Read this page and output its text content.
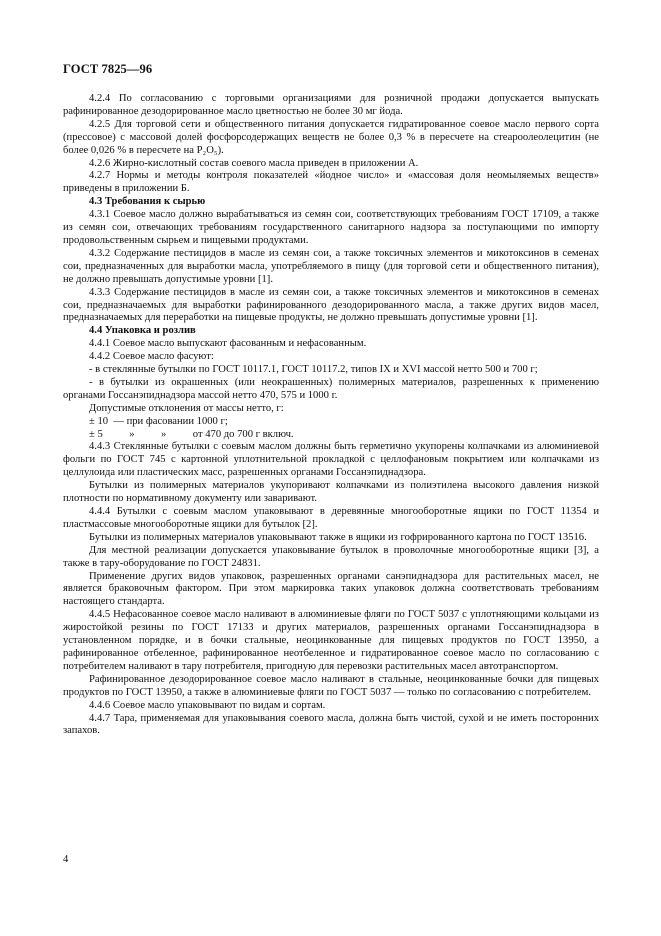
ГОСТ 7825—96

4.2.4 По согласованию с торговыми организациями для розничной продажи допускается выпускать рафинированное дезодорированное масло цветностью не более 30 мг йода.

4.2.5 Для торговой сети и общественного питания допускается гидратированное соевое масло первого сорта (прессовое) с массовой долей фосфорсодержащих веществ не более 0,3 % в пересчете на стеароолеолецитин (не более 0,026 % в пересчете на Р₂О₅).

4.2.6 Жирно-кислотный состав соевого масла приведен в приложении А.

4.2.7 Нормы и методы контроля показателей «йодное число» и «массовая доля неомыляемых веществ» приведены в приложении Б.

4.3 Требования к сырью

4.3.1 Соевое масло должно вырабатываться из семян сои, соответствующих требованиям ГОСТ 17109, а также из семян сои, отвечающих требованиям государственного санитарного надзора за поступающими по импорту продовольственным сырьем и пищевыми продуктами.

4.3.2 Содержание пестицидов в масле из семян сои, а также токсичных элементов и микотоксинов в семенах сои, предназначенных для выработки масла, употребляемого в пищу (для торговой сети и общественного питания), не должно превышать допустимые уровни [1].

4.3.3 Содержание пестицидов в масле из семян сои, а также токсичных элементов и микотоксинов в семенах сои, предназначаемых для выработки рафинированного дезодорированного масла, а также других видов масел, предназначаемых для переработки на пищевые продукты, не должно превышать допустимые уровни [1].

4.4 Упаковка и розлив

4.4.1 Соевое масло выпускают фасованным и нефасованным.

4.4.2 Соевое масло фасуют:

- в стеклянные бутылки по ГОСТ 10117.1, ГОСТ 10117.2, типов IX и XVI массой нетто 500 и 700 г;

- в бутылки из окрашенных (или неокрашенных) полимерных материалов, разрешенных к применению органами Госсанэпиднадзора массой нетто 470, 575 и 1000 г.

Допустимые отклонения от массы нетто, г:

± 10  — при фасовании 1000 г;

± 5          »          »          от 470 до 700 г включ.

4.4.3 Стеклянные бутылки с соевым маслом должны быть герметично укупорены колпачками из алюминиевой фольги по ГОСТ 745 с картонной уплотнительной прокладкой с целлофановым покрытием или колпачками из целлулоида или пластических масс, разрешенных органами Госсанэпиднадзора.

Бутылки из полимерных материалов укупоривают колпачками из полиэтилена высокого давления низкой плотности по нормативному документу или заваривают.

4.4.4 Бутылки с соевым маслом упаковывают в деревянные многооборотные ящики по ГОСТ 11354 и пластмассовые многооборотные ящики для бутылок [2].

Бутылки из полимерных материалов упаковывают также в ящики из гофрированного картона по ГОСТ 13516.

Для местной реализации допускается упаковывание бутылок в проволочные многооборотные ящики [3], а также в тару-оборудование по ГОСТ 24831.

Применение других видов упаковок, разрешенных органами санэпиднадзора для растительных масел, не является браковочным фактором. При этом маркировка таких упаковок должна соответствовать требованиям настоящего стандарта.

4.4.5 Нефасованное соевое масло наливают в алюминиевые фляги по ГОСТ 5037 с уплотняющими кольцами из жиростойкой резины по ГОСТ 17133 и других материалов, разрешенных органами Госсанэпиднадзора в установленном порядке, и в бочки стальные, неоцинкованные для пищевых продуктов по ГОСТ 13950, а рафинированное отбеленное, рафинированное неотбеленное и гидратированное соевое масло по согласованию с потребителем наливают в тару потребителя, пригодную для перевозки растительных масел автотранспортом.

Рафинированное дезодорированное соевое масло наливают в стальные, неоцинкованные бочки для пищевых продуктов по ГОСТ 13950, а также в алюминиевые фляги по ГОСТ 5037 — только по согласованию с потребителем.

4.4.6 Соевое масло упаковывают по видам и сортам.

4.4.7 Тара, применяемая для упаковывания соевого масла, должна быть чистой, сухой и не иметь посторонних запахов.

4
